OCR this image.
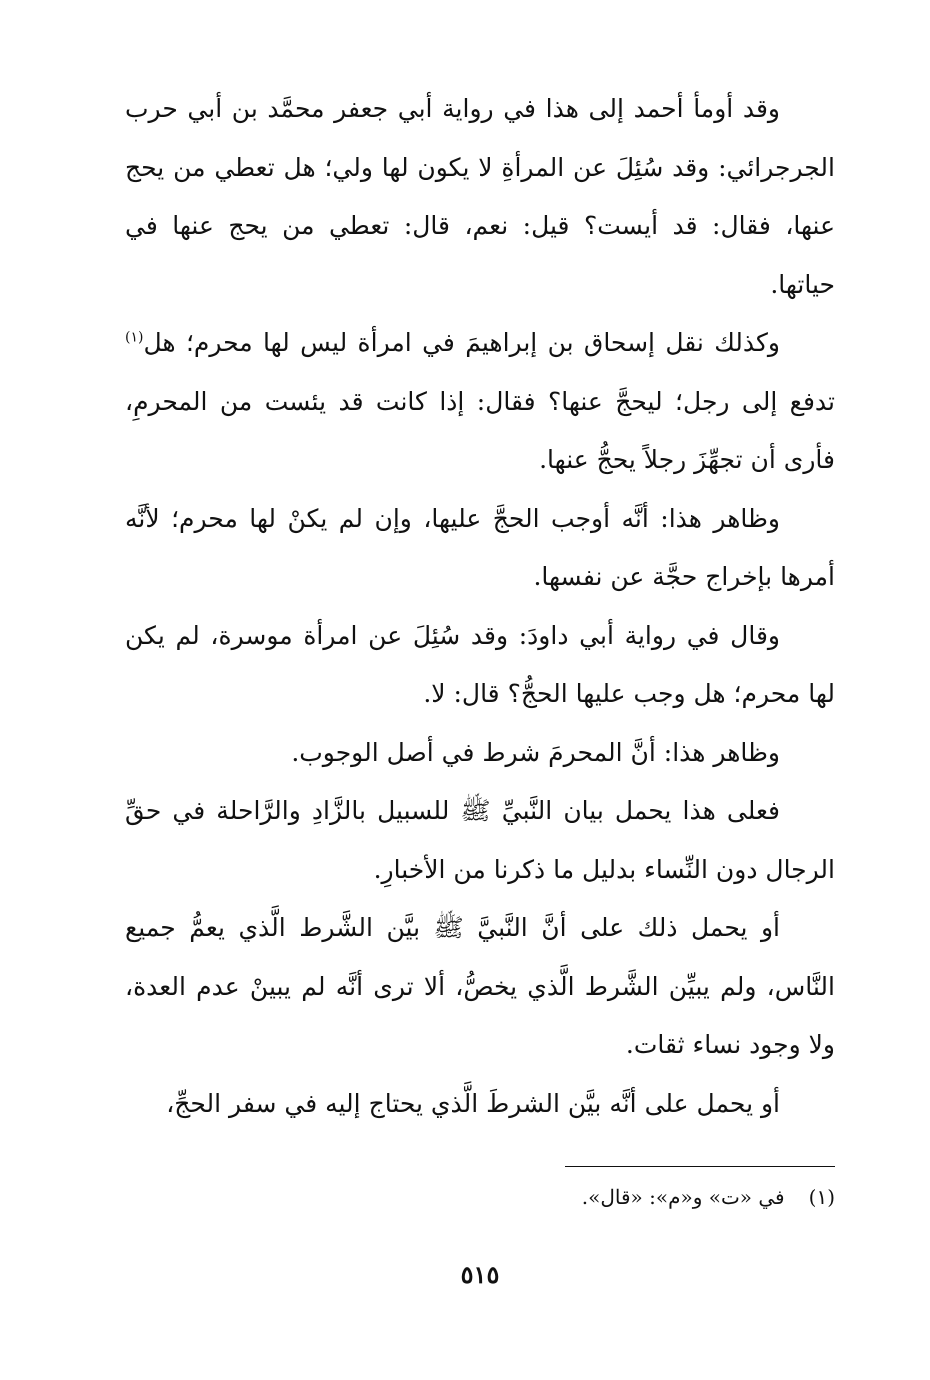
وقد أومأ أحمد إلى هذا في رواية أبي جعفر محمَّد بن أبي حرب الجرجرائي: وقد سُئِلَ عن المرأةِ لا يكون لها ولي؛ هل تعطي من يحج عنها، فقال: قد أيست؟ قيل: نعم، قال: تعطي من يحج عنها في حياتها.

وكذلك نقل إسحاق بن إبراهيمَ في امرأة ليس لها محرم؛ هل$^{(١)}$ تدفع إلى رجل؛ ليحجَّ عنها؟ فقال: إذا كانت قد يئست من المحرمِ، فأرى أن تجهِّزَ رجلاً يحجُّ عنها.

وظاهر هذا: أنَّه أوجب الحجَّ عليها، وإن لم يكنْ لها محرم؛ لأنَّه أمرها بإخراج حجَّة عن نفسها.

وقال في رواية أبي داودَ: وقد سُئِلَ عن امرأة موسرة، لم يكن لها محرم؛ هل وجب عليها الحجُّ؟ قال: لا.

وظاهر هذا: أنَّ المحرمَ شرط في أصل الوجوب.

فعلى هذا يحمل بيان النَّبيِّ ﷺ للسبيل بالزَّادِ والرَّاحلة في حقِّ الرجال دون النِّساء بدليل ما ذكرنا من الأخبارِ.

أو يحمل ذلك على أنَّ النَّبيَّ ﷺ بيَّن الشَّرط الَّذي يعمُّ جميع النَّاس، ولم يبيِّن الشَّرط الَّذي يخصُّ، ألا ترى أنَّه لم يبينْ عدم العدة، ولا وجود نساء ثقات.

أو يحمل على أنَّه بيَّن الشرطَ الَّذي يحتاج إليه في سفر الحجِّ،

(١)في «ت» و«م»: «قال».
٥١٥
